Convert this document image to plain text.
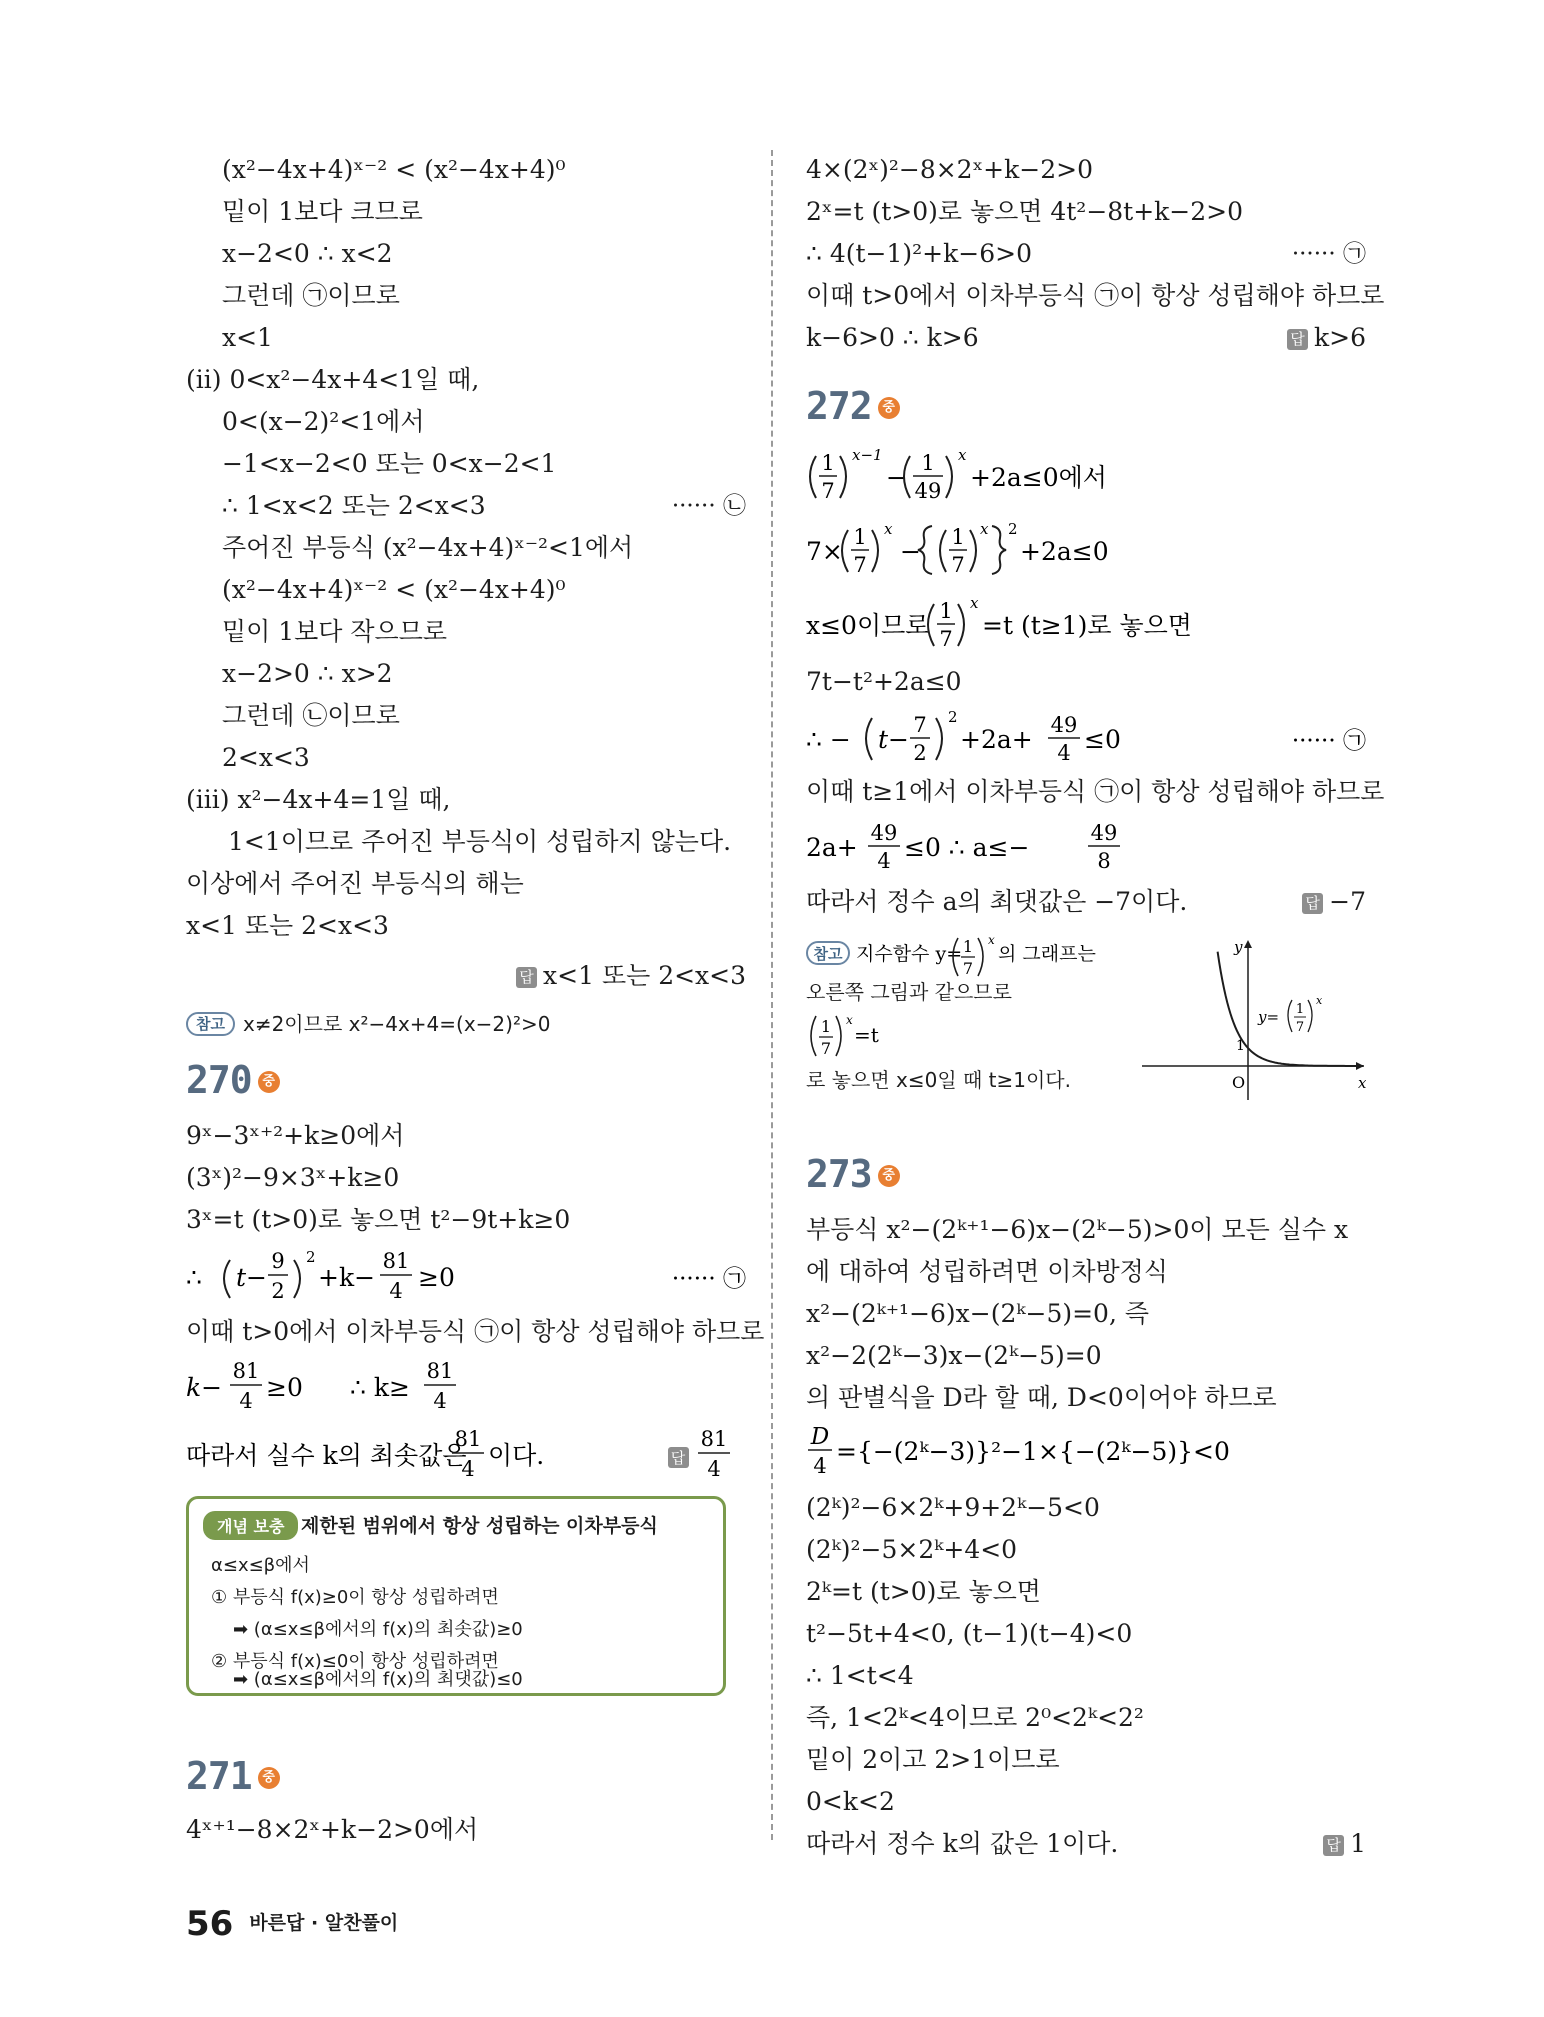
(x²−4x+4)ˣ⁻² < (x²−4x+4)⁰
밑이 1보다 크므로
x−2<0 ∴ x<2
그런데 ㉠이므로
x<1
(ⅱ) 0<x²−4x+4<1일 때,
0<(x−2)²<1에서
−1<x−2<0 또는 0<x−2<1
∴ 1<x<2 또는 2<x<3	······ ㉡
주어진 부등식 (x²−4x+4)ˣ⁻²<1에서
(x²−4x+4)ˣ⁻² < (x²−4x+4)⁰
밑이 1보다 작으므로
x−2>0 ∴ x>2
그런데 ㉡이므로
2<x<3
(ⅲ) x²−4x+4=1일 때,
1<1이므로 주어진 부등식이 성립하지 않는다.
이상에서 주어진 부등식의 해는
x<1 또는 2<x<3
답 x<1 또는 2<x<3
참고 x≠2이므로 x²−4x+4=(x−2)²>0
270 중
9ˣ−3ˣ⁺²+k≥0에서
(3ˣ)²−9×3ˣ+k≥0
3ˣ=t (t>0)로 놓으면 t²−9t+k≥0
∴ t−
9
2
2
+k−
81
4 ≥0	······ ㉠
이때 t>0에서 이차부등식 ㉠이 항상 성립해야 하므로
k−
81
4 ≥0 ∴ k≥
81
4
따라서 실수 k의 최솟값은
81
4 이다.	답
81
4
개념 보충 제한된 범위에서 항상 성립하는 이차부등식
α≤x≤β에서
① 부등식 f(x)≥0이 항상 성립하려면
➡ (α≤x≤β에서의 f(x)의 최솟값)≥0
② 부등식 f(x)≤0이 항상 성립하려면
➡ (α≤x≤β에서의 f(x)의 최댓값)≤0
271 중
4ˣ⁺¹−8×2ˣ+k−2>0에서
4×(2ˣ)²−8×2ˣ+k−2>0
2ˣ=t (t>0)로 놓으면 4t²−8t+k−2>0
∴ 4(t−1)²+k−6>0	······ ㉠
이때 t>0에서 이차부등식 ㉠이 항상 성립해야 하므로
k−6>0 ∴ k>6	답 k>6
272 중
1
7
x−1
− 1
49
x
+2a≤0에서
7× 1
7
x
− 1
7
x 2
+2a≤0
x≤0이므로 1
7
x
=t (t≥1)로 놓으면
7t−t²+2a≤0
∴ − t− 7
2
2
+2a+ 49
4 ≤0	······ ㉠
이때 t≥1에서 이차부등식 ㉠이 항상 성립해야 하므로
2a+ 49
4 ≤0 ∴ a≤−	49
8
따라서 정수 a의 최댓값은 −7이다.	답 −7
참고 지수함수 y= 1
7
x
의 그래프는
오른쪽 그림과 같으므로
1
7
x
=t
로 놓으면 x≤0일 때 t≥1이다.	x
y
O
1
y= 1
7
x
273 중
부등식 x²−(2ᵏ⁺¹−6)x−(2ᵏ−5)>0이 모든 실수 x
에 대하여 성립하려면 이차방정식
x²−(2ᵏ⁺¹−6)x−(2ᵏ−5)=0, 즉
x²−2(2ᵏ−3)x−(2ᵏ−5)=0
의 판별식을 D라 할 때, D<0이어야 하므로
D
4 ={−(2ᵏ−3)}²−1×{−(2ᵏ−5)}<0
(2ᵏ)²−6×2ᵏ+9+2ᵏ−5<0
(2ᵏ)²−5×2ᵏ+4<0
2ᵏ=t (t>0)로 놓으면
t²−5t+4<0, (t−1)(t−4)<0
∴ 1<t<4
즉, 1<2ᵏ<4이므로 2⁰<2ᵏ<2²
밑이 2이고 2>1이므로
0<k<2
따라서 정수 k의 값은 1이다.	답 1
56 바른답 · 알찬풀이
